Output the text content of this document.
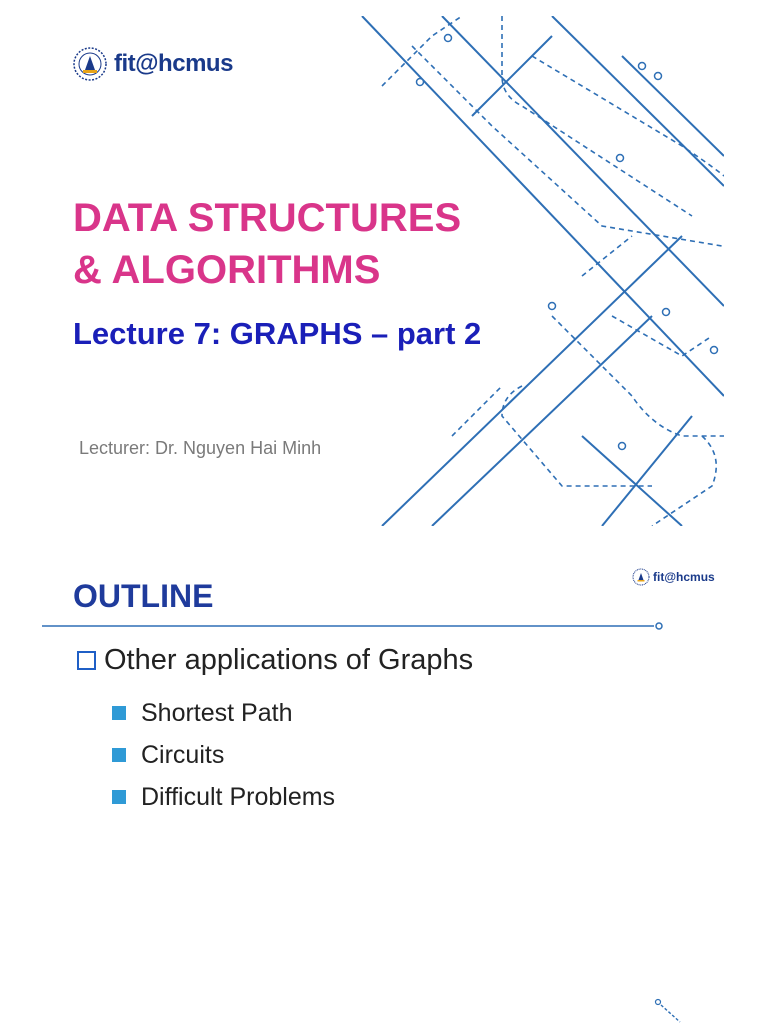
fit@hcmus
DATA STRUCTURES
& ALGORITHMS
Lecture 7: GRAPHS – part 2

Lecturer: Dr. Nguyen Hai Minh

fit@hcmus
OUTLINE
Other applications of Graphs
Shortest Path
Circuits
Difficult Problems
